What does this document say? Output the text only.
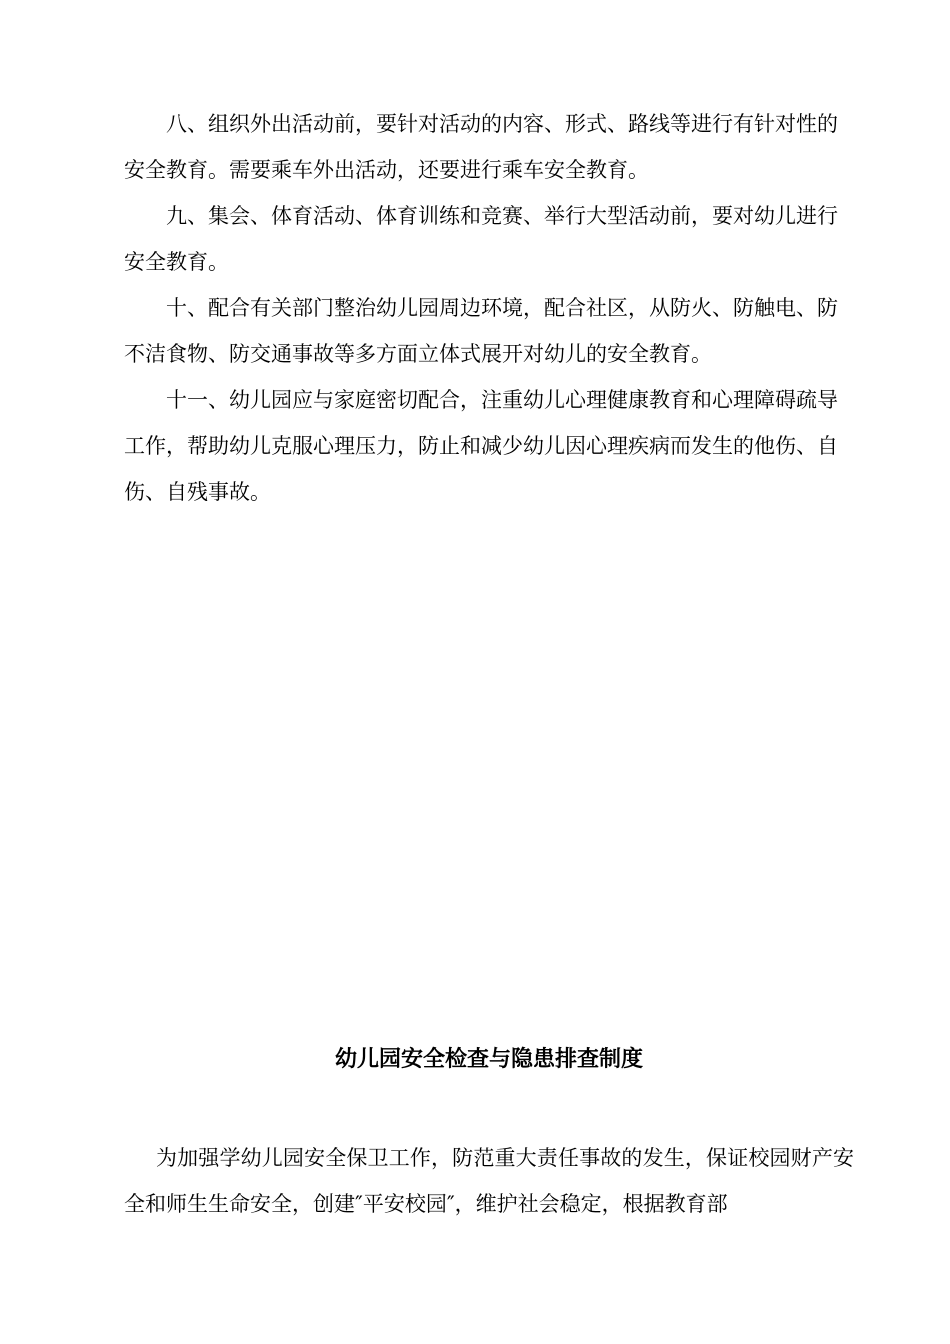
八、组织外出活动前，要针对活动的内容、形式、路线等进行有针对性的安全教育。需要乘车外出活动，还要进行乘车安全教育。

九、集会、体育活动、体育训练和竞赛、举行大型活动前，要对幼儿进行安全教育。

十、配合有关部门整治幼儿园周边环境，配合社区，从防火、防触电、防不洁食物、防交通事故等多方面立体式展开对幼儿的安全教育。

十一、幼儿园应与家庭密切配合，注重幼儿心理健康教育和心理障碍疏导工作，帮助幼儿克服心理压力，防止和减少幼儿因心理疾病而发生的他伤、自伤、自残事故。

幼儿园安全检查与隐患排查制度

为加强学幼儿园安全保卫工作，防范重大责任事故的发生，保证校园财产安全和师生生命安全，创建″平安校园″，维护社会稳定，根据教育部
